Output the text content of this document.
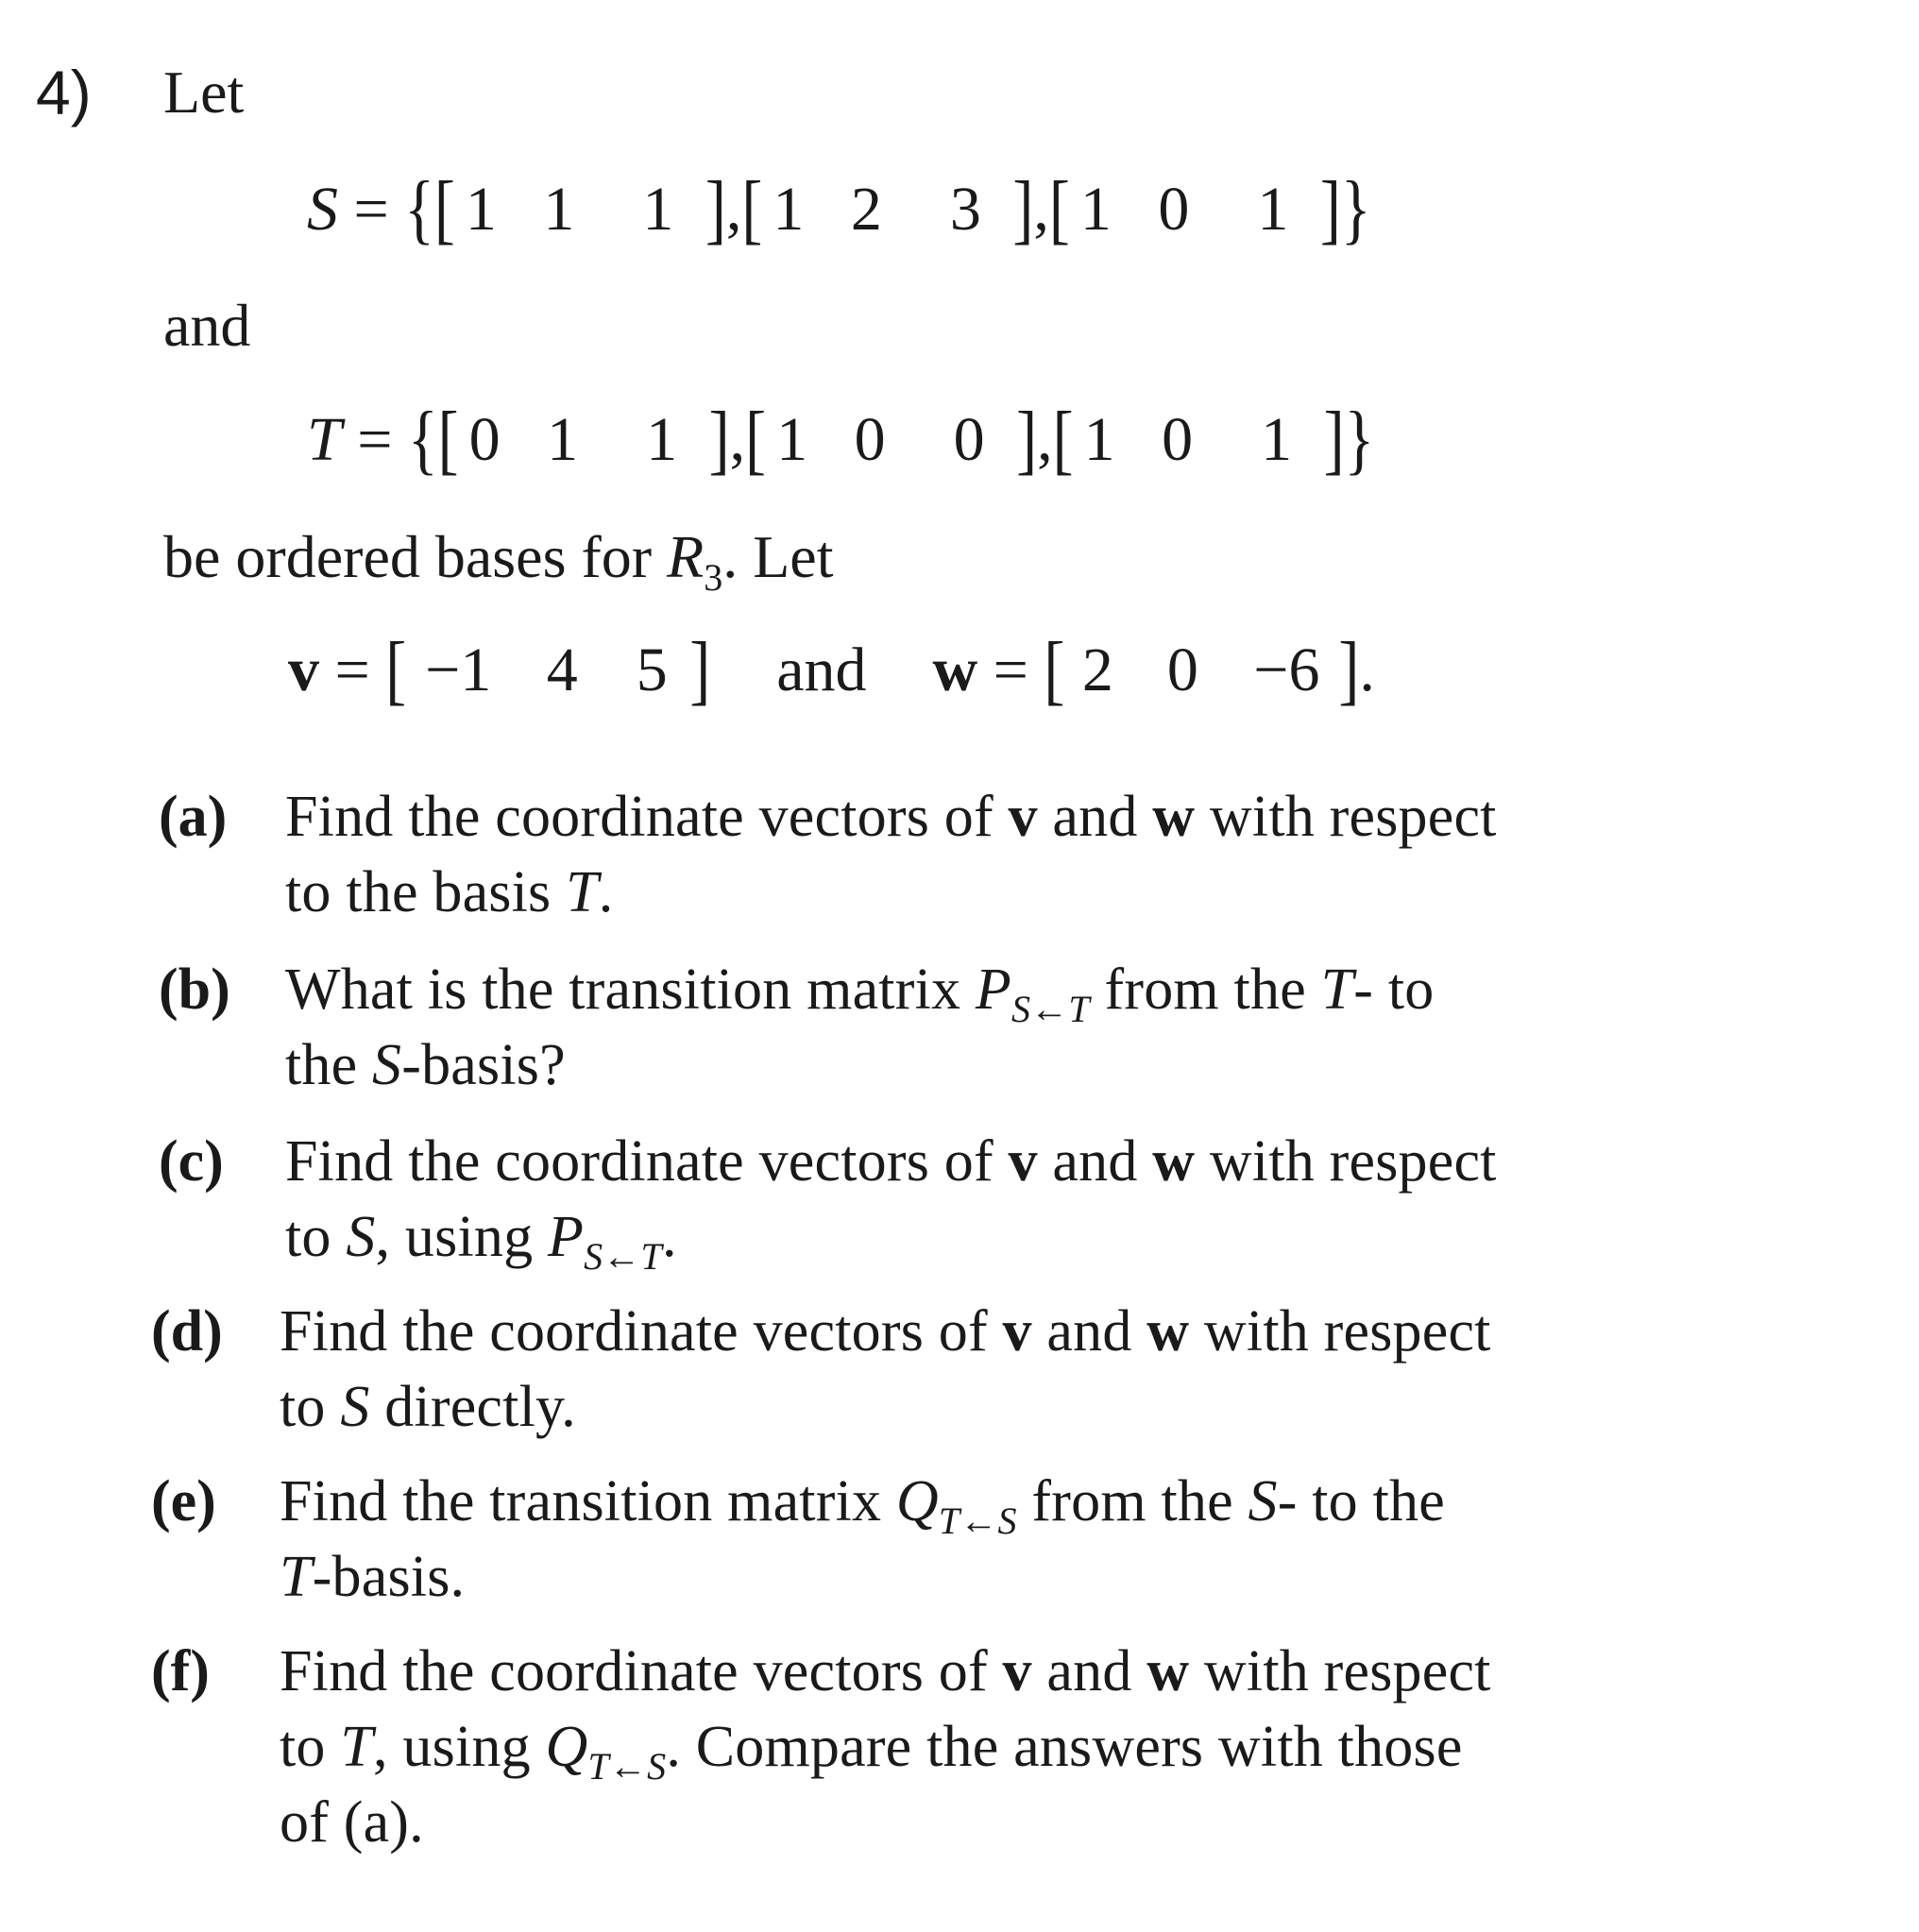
4) Let
S = {[ 1 1 1 ],[ 1 2 3 ],[ 1 0 1 ]}
and
T = {[ 0 1 1 ],[ 1 0 0 ],[ 1 0 1 ]}
be ordered bases for $R_3$. Let
v = [ −1 4 5 ] and w = [ 2 0 −6 ].
(a) Find the coordinate vectors of v and w with respect
to the basis T.
(b) What is the transition matrix $P_{S\leftarrow T}$ from the T- to
the S-basis?
(c) Find the coordinate vectors of v and w with respect
to S, using $P_{S\leftarrow T}$.
(d) Find the coordinate vectors of v and w with respect
to S directly.
(e) Find the transition matrix $Q_{T\leftarrow S}$ from the S- to the
T-basis.
(f) Find the coordinate vectors of v and w with respect
to T, using $Q_{T\leftarrow S}$. Compare the answers with those
of (a).
